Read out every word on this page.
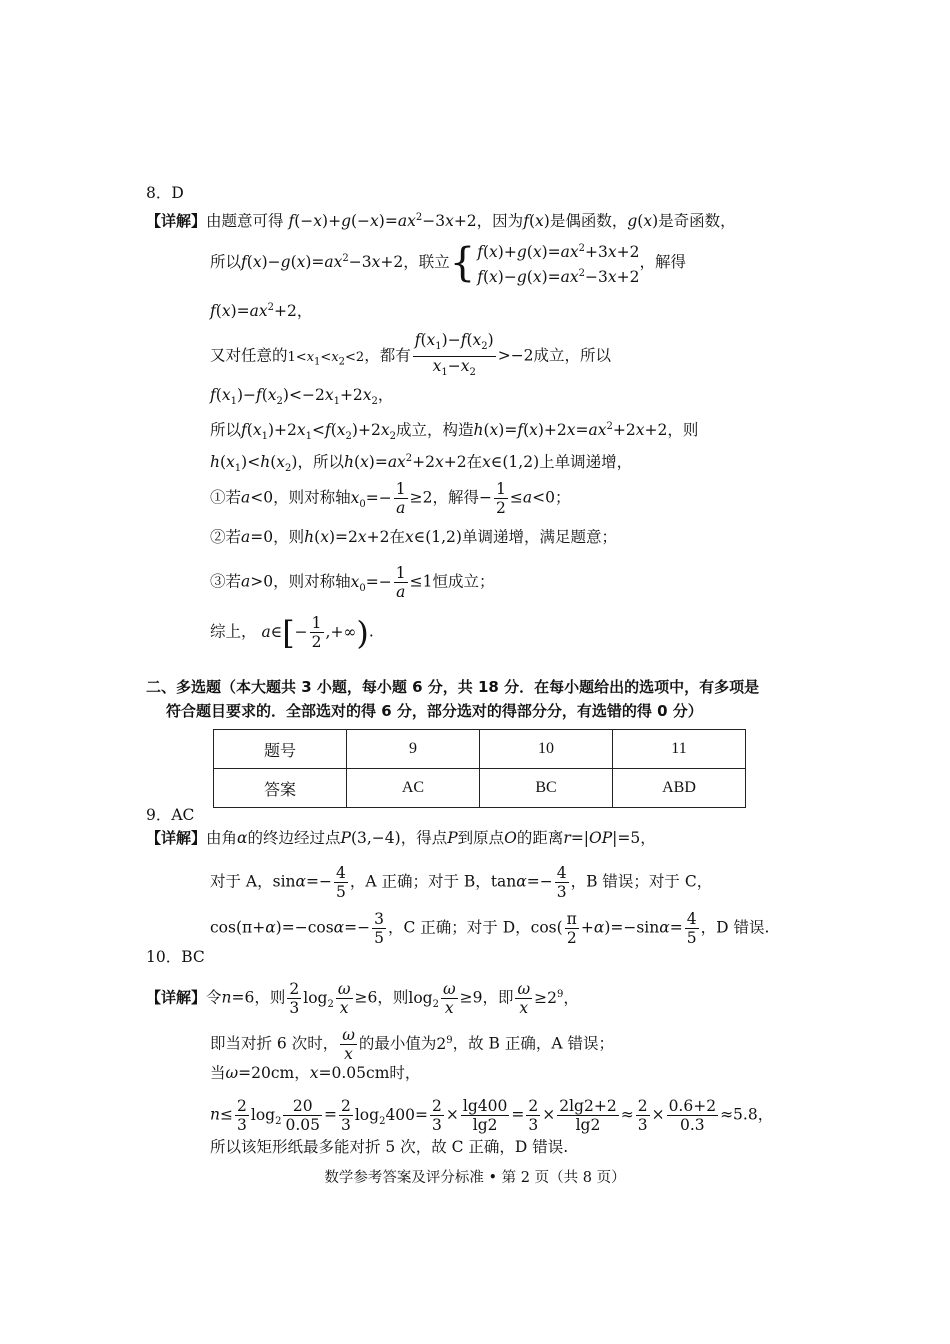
8．D
【详解】由题意可得 $f(-x)+g(-x)=ax^2-3x+2$，因为f(x)是偶函数，g(x)是奇函数，
所以$f(x)-g(x)=ax^2-3x+2$，联立{ $f(x)+g(x)=ax^2+3x+2$
$f(x)-g(x)=ax^2-3x+2$
，解得
$f(x)=ax^2+2$，
又对任意的$1<x_1<x_2<2$，都有 $\frac{f(x_1)-f(x_2)}{x_1-x_2} >-2$成立，所以
$f(x_1)-f(x_2)<-2x_1+2x_2$，
所以$f(x_1)+2x_1<f(x_2)+2x_2$成立，构造$h(x)=f(x)+2x=ax^2+2x+2$，则
$h(x_1)<h(x_2)$，所以$h(x)=ax^2+2x+2$在x∈(1,2)上单调递增，
①若a<0，则对称轴$x_0=- \frac{1}{a} \ge 2$，解得− $\frac{1}{2} \le a<0$；
②若a=0，则h(x)=2x+2在x∈(1,2)单调递增，满足题意；
③若a>0，则对称轴$x_0=- \frac{1}{a} \le 1$恒成立；
综上， a∈[− $\frac{1}{2}$ ,+∞).
二、多选题（本大题共 3 小题，每小题 6 分，共 18 分．在每小题给出的选项中，有多项是
符合题目要求的．全部选对的得 6 分，部分选对的得部分分，有选错的得 0 分）
题号	9	10	11
答案	AC	BC	ABD
9．AC
【详解】由角α的终边经过点P(3,−4)，得点P到原点O的距离r=|OP|=5，
对于 A，$\sin\alpha=- \frac{4}{5}$ ，A 正确；对于 B，$\tan\alpha=- \frac{4}{3}$ ，B 错误；对于 C，
$\cos(\pi+\alpha)=-\cos\alpha=- \frac{3}{5}$ ，C 正确；对于 D，$\cos( \frac{\pi}{2} +\alpha)=-\sin\alpha= \frac{4}{5}$ ，D 错误.
10．BC
【详解】令n=6，则 $\frac{2}{3} \log_2 \frac{\omega}{x} \ge 6$，则$\log_2 \frac{\omega}{x} \ge 9$，即 $\frac{\omega}{x} \ge 2^9$，
即当对折 6 次时， $\frac{\omega}{x}$ 的最小值为$2^9$，故 B 正确，A 错误；
当ω=20cm，x=0.05cm时，
$n\le \frac{2}{3} \log_2 \frac{20}{0.05} = \frac{2}{3} \log_2400= \frac{2}{3} \times \frac{\lg 400}{\lg 2} = \frac{2}{3} \times \frac{2\lg 2+2}{\lg 2} \approx \frac{2}{3} \times \frac{0.6+2}{0.3} \approx 5.8$，
所以该矩形纸最多能对折 5 次，故 C 正确，D 错误.
数学参考答案及评分标准 • 第 2 页（共 8 页）
